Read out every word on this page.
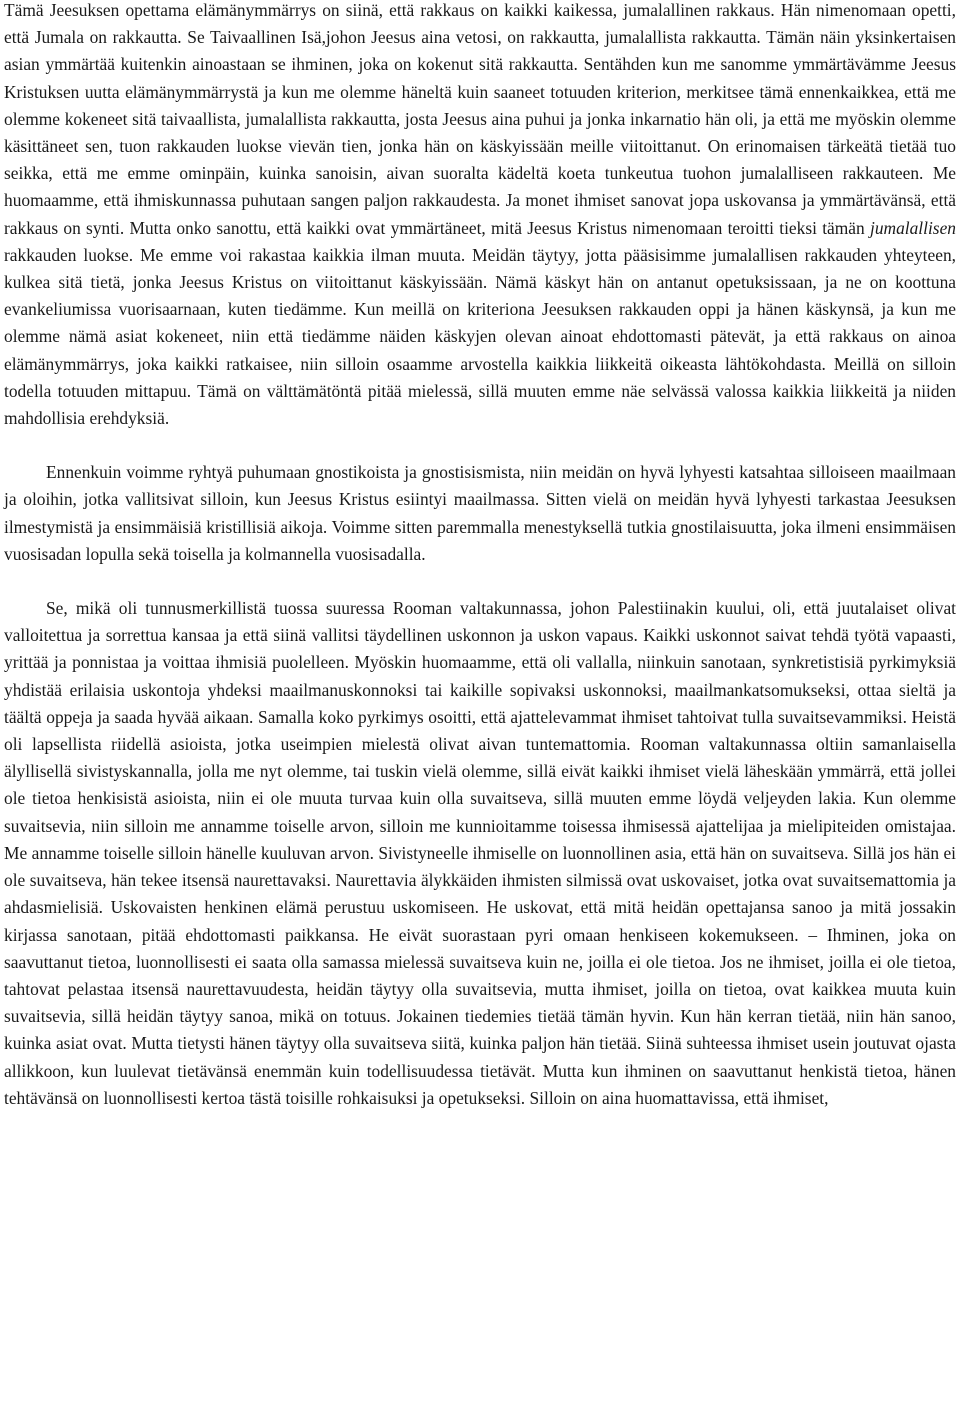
Tämä Jeesuksen opettama elämänymmärrys on siinä, että rakkaus on kaikki kaikessa, jumalallinen rakkaus. Hän nimenomaan opetti, että Jumala on rakkautta. Se Taivaallinen Isä,johon Jeesus aina vetosi, on rakkautta, jumalallista rakkautta. Tämän näin yksinkertaisen asian ymmärtää kuitenkin ainoastaan se ihminen, joka on kokenut sitä rakkautta. Sentähden kun me sanomme ymmärtävämme Jeesus Kristuksen uutta elämänymmärrystä ja kun me olemme häneltä kuin saaneet totuuden kriterion, merkitsee tämä ennenkaikkea, että me olemme kokeneet sitä taivaallista, jumalallista rakkautta, josta Jeesus aina puhui ja jonka inkarnatio hän oli, ja että me myöskin olemme käsittäneet sen, tuon rakkauden luokse vievän tien, jonka hän on käskyissään meille viitoittanut. On erinomaisen tärkeätä tietää tuo seikka, että me emme ominpäin, kuinka sanoisin, aivan suoralta kädeltä koeta tunkeutua tuohon jumalalliseen rakkauteen. Me huomaamme, että ihmiskunnassa puhutaan sangen paljon rakkaudesta. Ja monet ihmiset sanovat jopa uskovansa ja ymmärtävänsä, että rakkaus on synti. Mutta onko sanottu, että kaikki ovat ymmärtäneet, mitä Jeesus Kristus nimenomaan teroitti tieksi tämän jumalallisen rakkauden luokse. Me emme voi rakastaa kaikkia ilman muuta. Meidän täytyy, jotta pääsisimme jumalallisen rakkauden yhteyteen, kulkea sitä tietä, jonka Jeesus Kristus on viitoittanut käskyissään. Nämä käskyt hän on antanut opetuksissaan, ja ne on koottuna evankeliumissa vuorisaarnaan, kuten tiedämme. Kun meillä on kriteriona Jeesuksen rakkauden oppi ja hänen käskynsä, ja kun me olemme nämä asiat kokeneet, niin että tiedämme näiden käskyjen olevan ainoat ehdottomasti pätevät, ja että rakkaus on ainoa elämänymmärrys, joka kaikki ratkaisee, niin silloin osaamme arvostella kaikkia liikkeitä oikeasta lähtökohdasta. Meillä on silloin todella totuuden mittapuu. Tämä on välttämätöntä pitää mielessä, sillä muuten emme näe selvässä valossa kaikkia liikkeitä ja niiden mahdollisia erehdyksiä.

Ennenkuin voimme ryhtyä puhumaan gnostikoista ja gnostisismista, niin meidän on hyvä lyhyesti katsahtaa silloiseen maailmaan ja oloihin, jotka vallitsivat silloin, kun Jeesus Kristus esiintyi maailmassa. Sitten vielä on meidän hyvä lyhyesti tarkastaa Jeesuksen ilmestymistä ja ensimmäisiä kristillisiä aikoja. Voimme sitten paremmalla menestyksellä tutkia gnostilaisuutta, joka ilmeni ensimmäisen vuosisadan lopulla sekä toisella ja kolmannella vuosisadalla.

Se, mikä oli tunnusmerkillistä tuossa suuressa Rooman valtakunnassa, johon Palestiinakin kuului, oli, että juutalaiset olivat valloitettua ja sorrettua kansaa ja että siinä vallitsi täydellinen uskonnon ja uskon vapaus. Kaikki uskonnot saivat tehdä työtä vapaasti, yrittää ja ponnistaa ja voittaa ihmisiä puolelleen. Myöskin huomaamme, että oli vallalla, niinkuin sanotaan, synkretistisiä pyrkimyksiä yhdistää erilaisia uskontoja yhdeksi maailmanuskonnoksi tai kaikille sopivaksi uskonnoksi, maailmankatsomukseksi, ottaa sieltä ja täältä oppeja ja saada hyvää aikaan. Samalla koko pyrkimys osoitti, että ajattelevammat ihmiset tahtoivat tulla suvaitsevammiksi. Heistä oli lapsellista riidellä asioista, jotka useimpien mielestä olivat aivan tuntemattomia. Rooman valtakunnassa oltiin samanlaisella älyllisellä sivistyskannalla, jolla me nyt olemme, tai tuskin vielä olemme, sillä eivät kaikki ihmiset vielä läheskään ymmärrä, että jollei ole tietoa henkisistä asioista, niin ei ole muuta turvaa kuin olla suvaitseva, sillä muuten emme löydä veljeyden lakia. Kun olemme suvaitsevia, niin silloin me annamme toiselle arvon, silloin me kunnioitamme toisessa ihmisessä ajattelijaa ja mielipiteiden omistajaa. Me annamme toiselle silloin hänelle kuuluvan arvon. Sivistyneelle ihmiselle on luonnollinen asia, että hän on suvaitseva. Sillä jos hän ei ole suvaitseva, hän tekee itsensä naurettavaksi. Naurettavia älykkäiden ihmisten silmissä ovat uskovaiset, jotka ovat suvaitsemattomia ja ahdasmielisiä. Uskovaisten henkinen elämä perustuu uskomiseen. He uskovat, että mitä heidän opettajansa sanoo ja mitä jossakin kirjassa sanotaan, pitää ehdottomasti paikkansa. He eivät suorastaan pyri omaan henkiseen kokemukseen. – Ihminen, joka on saavuttanut tietoa, luonnollisesti ei saata olla samassa mielessä suvaitseva kuin ne, joilla ei ole tietoa. Jos ne ihmiset, joilla ei ole tietoa, tahtovat pelastaa itsensä naurettavuudesta, heidän täytyy olla suvaitsevia, mutta ihmiset, joilla on tietoa, ovat kaikkea muuta kuin suvaitsevia, sillä heidän täytyy sanoa, mikä on totuus. Jokainen tiedemies tietää tämän hyvin. Kun hän kerran tietää, niin hän sanoo, kuinka asiat ovat. Mutta tietysti hänen täytyy olla suvaitseva siitä, kuinka paljon hän tietää. Siinä suhteessa ihmiset usein joutuvat ojasta allikkoon, kun luulevat tietävänsä enemmän kuin todellisuudessa tietävät. Mutta kun ihminen on saavuttanut henkistä tietoa, hänen tehtävänsä on luonnollisesti kertoa tästä toisille rohkaisuksi ja opetukseksi. Silloin on aina huomattavissa, että ihmiset,
